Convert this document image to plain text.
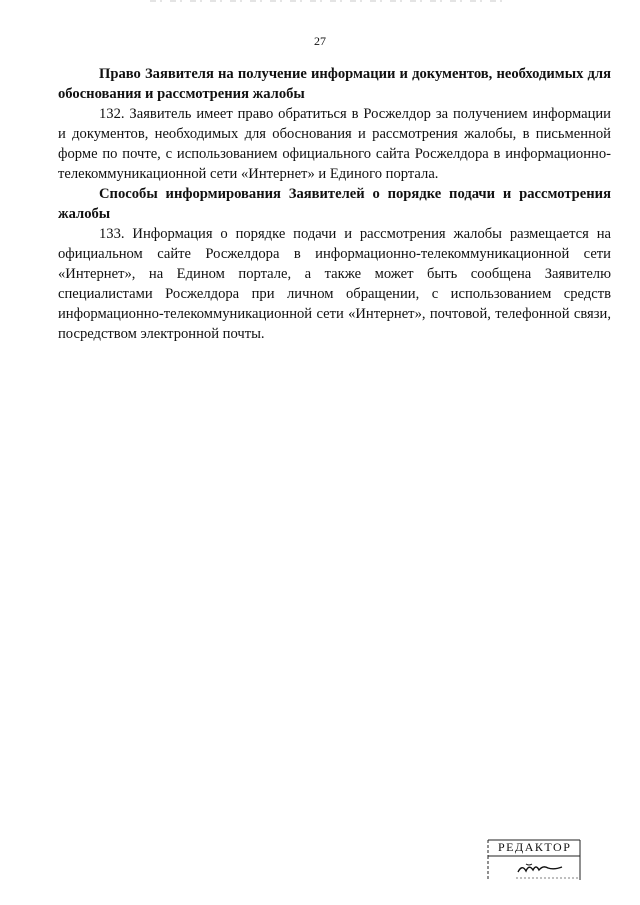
27

Право Заявителя на получение информации и документов, необходимых для обоснования и рассмотрения жалобы

132. Заявитель имеет право обратиться в Росжелдор за получением информации и документов, необходимых для обоснования и рассмотрения жалобы, в письменной форме по почте, с использованием официального сайта Росжелдора в информационно-телекоммуникационной сети «Интернет» и Единого портала.

Способы информирования Заявителей о порядке подачи и рассмотрения жалобы

133. Информация о порядке подачи и рассмотрения жалобы размещается на официальном сайте Росжелдора в информационно-телекоммуникационной сети «Интернет», на Едином портале, а также может быть сообщена Заявителю специалистами Росжелдора при личном обращении, с использованием средств информационно-телекоммуникационной сети «Интернет», почтовой, телефонной связи, посредством электронной почты.

РЕДАКТОР
